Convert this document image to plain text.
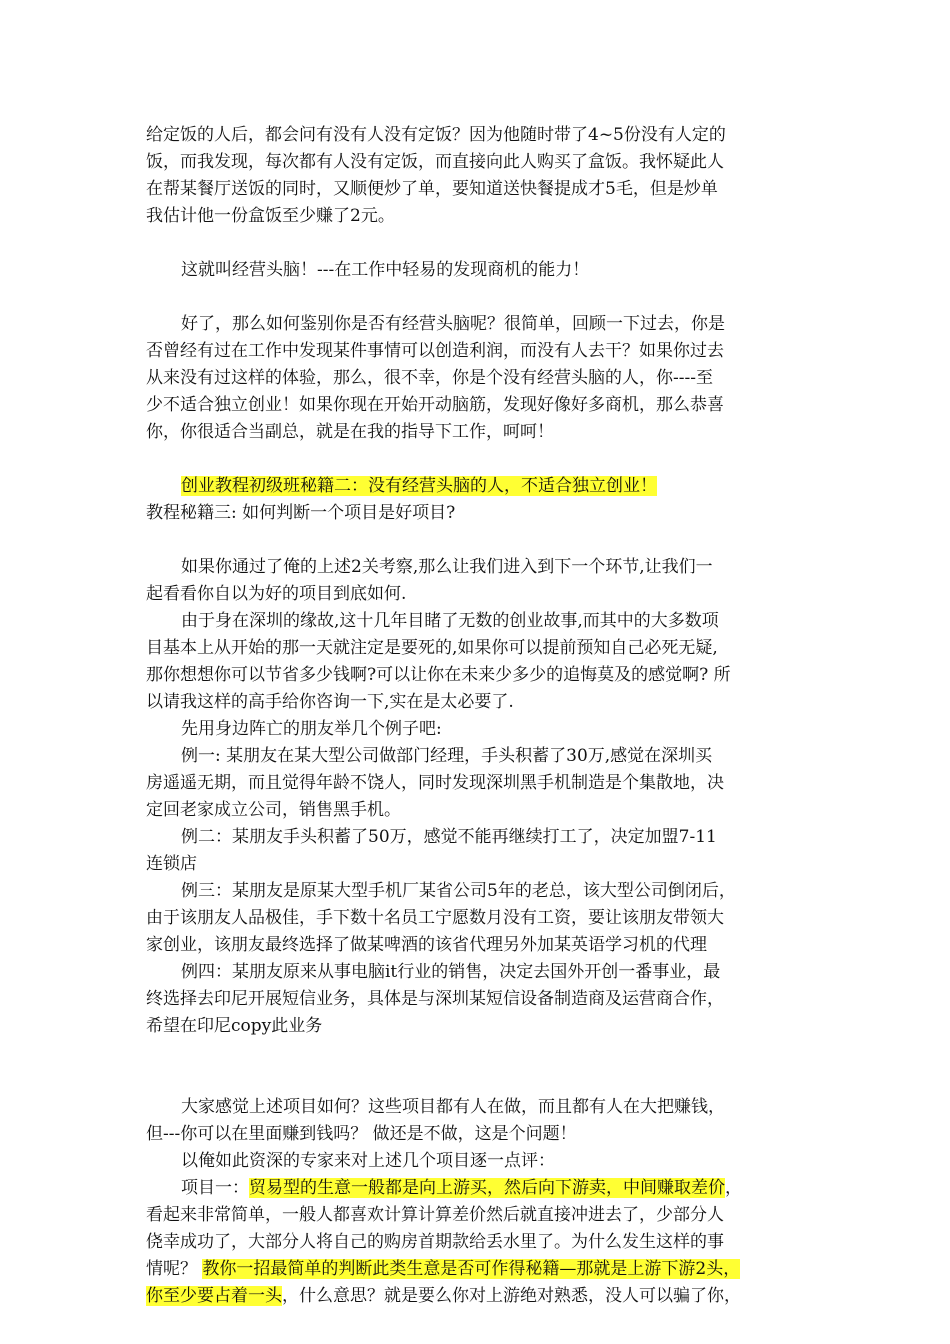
给定饭的人后，都会问有没有人没有定饭？因为他随时带了4~5份没有人定的
饭，而我发现，每次都有人没有定饭，而直接向此人购买了盒饭。我怀疑此人
在帮某餐厅送饭的同时，又顺便炒了单，要知道送快餐提成才5毛，但是炒单
我估计他一份盒饭至少赚了2元。
这就叫经营头脑！---在工作中轻易的发现商机的能力！
好了，那么如何鉴别你是否有经营头脑呢？很简单，回顾一下过去，你是
否曾经有过在工作中发现某件事情可以创造利润，而没有人去干？如果你过去
从来没有过这样的体验，那么，很不幸，你是个没有经营头脑的人，你----至
少不适合独立创业！如果你现在开始开动脑筋，发现好像好多商机，那么恭喜
你，你很适合当副总，就是在我的指导下工作，呵呵！
创业教程初级班秘籍二：没有经营头脑的人，不适合独立创业！
教程秘籍三: 如何判断一个项目是好项目?
如果你通过了俺的上述2关考察,那么让我们进入到下一个环节,让我们一
起看看你自以为好的项目到底如何.
由于身在深圳的缘故,这十几年目睹了无数的创业故事,而其中的大多数项
目基本上从开始的那一天就注定是要死的,如果你可以提前预知自己必死无疑,
那你想想你可以节省多少钱啊?可以让你在未来少多少的追悔莫及的感觉啊? 所
以请我这样的高手给你咨询一下,实在是太必要了.
先用身边阵亡的朋友举几个例子吧:
例一: 某朋友在某大型公司做部门经理，手头积蓄了30万,感觉在深圳买
房遥遥无期，而且觉得年龄不饶人，同时发现深圳黑手机制造是个集散地，决
定回老家成立公司，销售黑手机。
例二：某朋友手头积蓄了50万，感觉不能再继续打工了，决定加盟7-11
连锁店
例三：某朋友是原某大型手机厂某省公司5年的老总，该大型公司倒闭后，
由于该朋友人品极佳，手下数十名员工宁愿数月没有工资，要让该朋友带领大
家创业，该朋友最终选择了做某啤酒的该省代理另外加某英语学习机的代理
例四：某朋友原来从事电脑it行业的销售，决定去国外开创一番事业，最
终选择去印尼开展短信业务，具体是与深圳某短信设备制造商及运营商合作，
希望在印尼copy此业务
大家感觉上述项目如何？这些项目都有人在做，而且都有人在大把赚钱，
但---你可以在里面赚到钱吗？ 做还是不做，这是个问题！
以俺如此资深的专家来对上述几个项目逐一点评：
项目一：贸易型的生意一般都是向上游买，然后向下游卖，中间赚取差价，
看起来非常简单，一般人都喜欢计算计算差价然后就直接冲进去了，少部分人
侥幸成功了，大部分人将自己的购房首期款给丢水里了。为什么发生这样的事
情呢？ 教你一招最简单的判断此类生意是否可作得秘籍—那就是上游下游2头，
你至少要占着一头，什么意思？就是要么你对上游绝对熟悉，没人可以骗了你，
